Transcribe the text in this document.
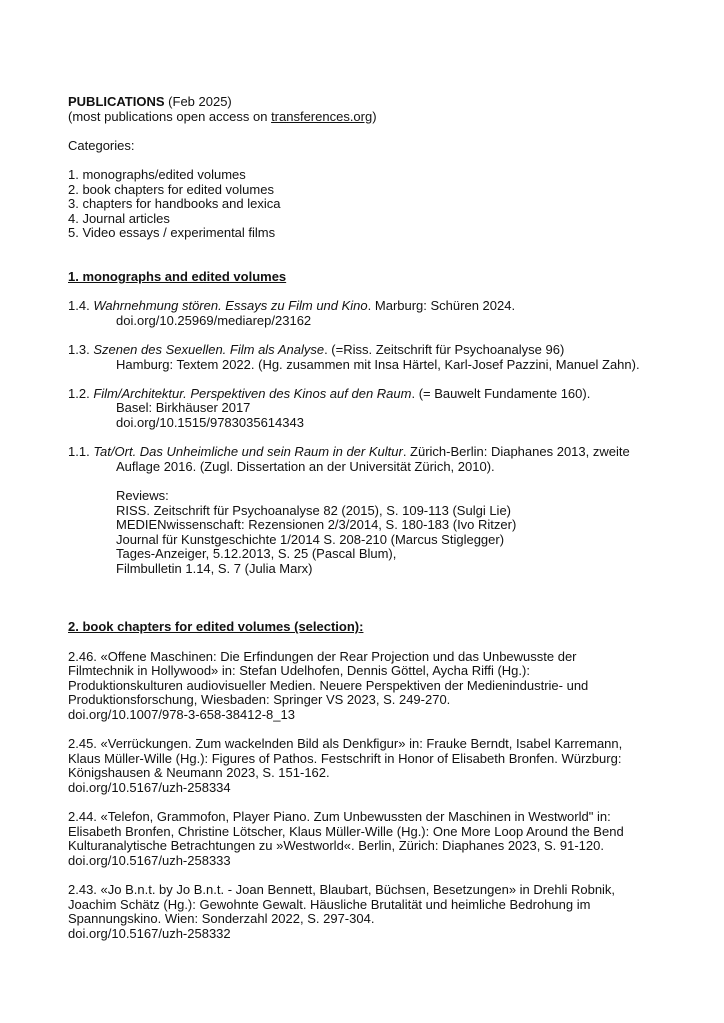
PUBLICATIONS (Feb 2025)
(most publications open access on transferences.org)
Categories:
1. monographs/edited volumes
2. book chapters for edited volumes
3. chapters for handbooks and lexica
4. Journal articles
5. Video essays / experimental films
1. monographs and edited volumes
1.4. Wahrnehmung stören. Essays zu Film und Kino. Marburg: Schüren 2024.
doi.org/10.25969/mediarep/23162
1.3. Szenen des Sexuellen. Film als Analyse. (=Riss. Zeitschrift für Psychoanalyse 96)
Hamburg: Textem 2022. (Hg. zusammen mit Insa Härtel, Karl-Josef Pazzini, Manuel Zahn).
1.2. Film/Architektur. Perspektiven des Kinos auf den Raum. (= Bauwelt Fundamente 160).
Basel: Birkhäuser 2017
doi.org/10.1515/9783035614343
1.1. Tat/Ort. Das Unheimliche und sein Raum in der Kultur. Zürich-Berlin: Diaphanes 2013, zweite
Auflage 2016. (Zugl. Dissertation an der Universität Zürich, 2010).
Reviews:
RISS. Zeitschrift für Psychoanalyse 82 (2015), S. 109-113 (Sulgi Lie)
MEDIENwissenschaft: Rezensionen 2/3/2014, S. 180-183 (Ivo Ritzer)
Journal für Kunstgeschichte 1/2014 S. 208-210 (Marcus Stiglegger)
Tages-Anzeiger, 5.12.2013, S. 25 (Pascal Blum),
Filmbulletin 1.14, S. 7 (Julia Marx)
2. book chapters for edited volumes (selection):
2.46. «Offene Maschinen: Die Erfindungen der Rear Projection und das Unbewusste der
Filmtechnik in Hollywood» in: Stefan Udelhofen, Dennis Göttel, Aycha Riffi (Hg.):
Produktionskulturen audiovisueller Medien. Neuere Perspektiven der Medienindustrie- und
Produktionsforschung, Wiesbaden: Springer VS 2023, S. 249-270.
doi.org/10.1007/978-3-658-38412-8_13
2.45. «Verrückungen. Zum wackelnden Bild als Denkfigur» in: Frauke Berndt, Isabel Karremann,
Klaus Müller-Wille (Hg.): Figures of Pathos. Festschrift in Honor of Elisabeth Bronfen. Würzburg:
Königshausen & Neumann 2023, S. 151-162.
doi.org/10.5167/uzh-258334
2.44. «Telefon, Grammofon, Player Piano. Zum Unbewussten der Maschinen in Westworld" in:
Elisabeth Bronfen, Christine Lötscher, Klaus Müller-Wille (Hg.): One More Loop Around the Bend
Kulturanalytische Betrachtungen zu »Westworld«. Berlin, Zürich: Diaphanes 2023, S. 91-120.
doi.org/10.5167/uzh-258333
2.43. «Jo B.n.t. by Jo B.n.t. - Joan Bennett, Blaubart, Büchsen, Besetzungen» in Drehli Robnik,
Joachim Schätz (Hg.): Gewohnte Gewalt. Häusliche Brutalität und heimliche Bedrohung im
Spannungskino. Wien: Sonderzahl 2022, S. 297-304.
doi.org/10.5167/uzh-258332
